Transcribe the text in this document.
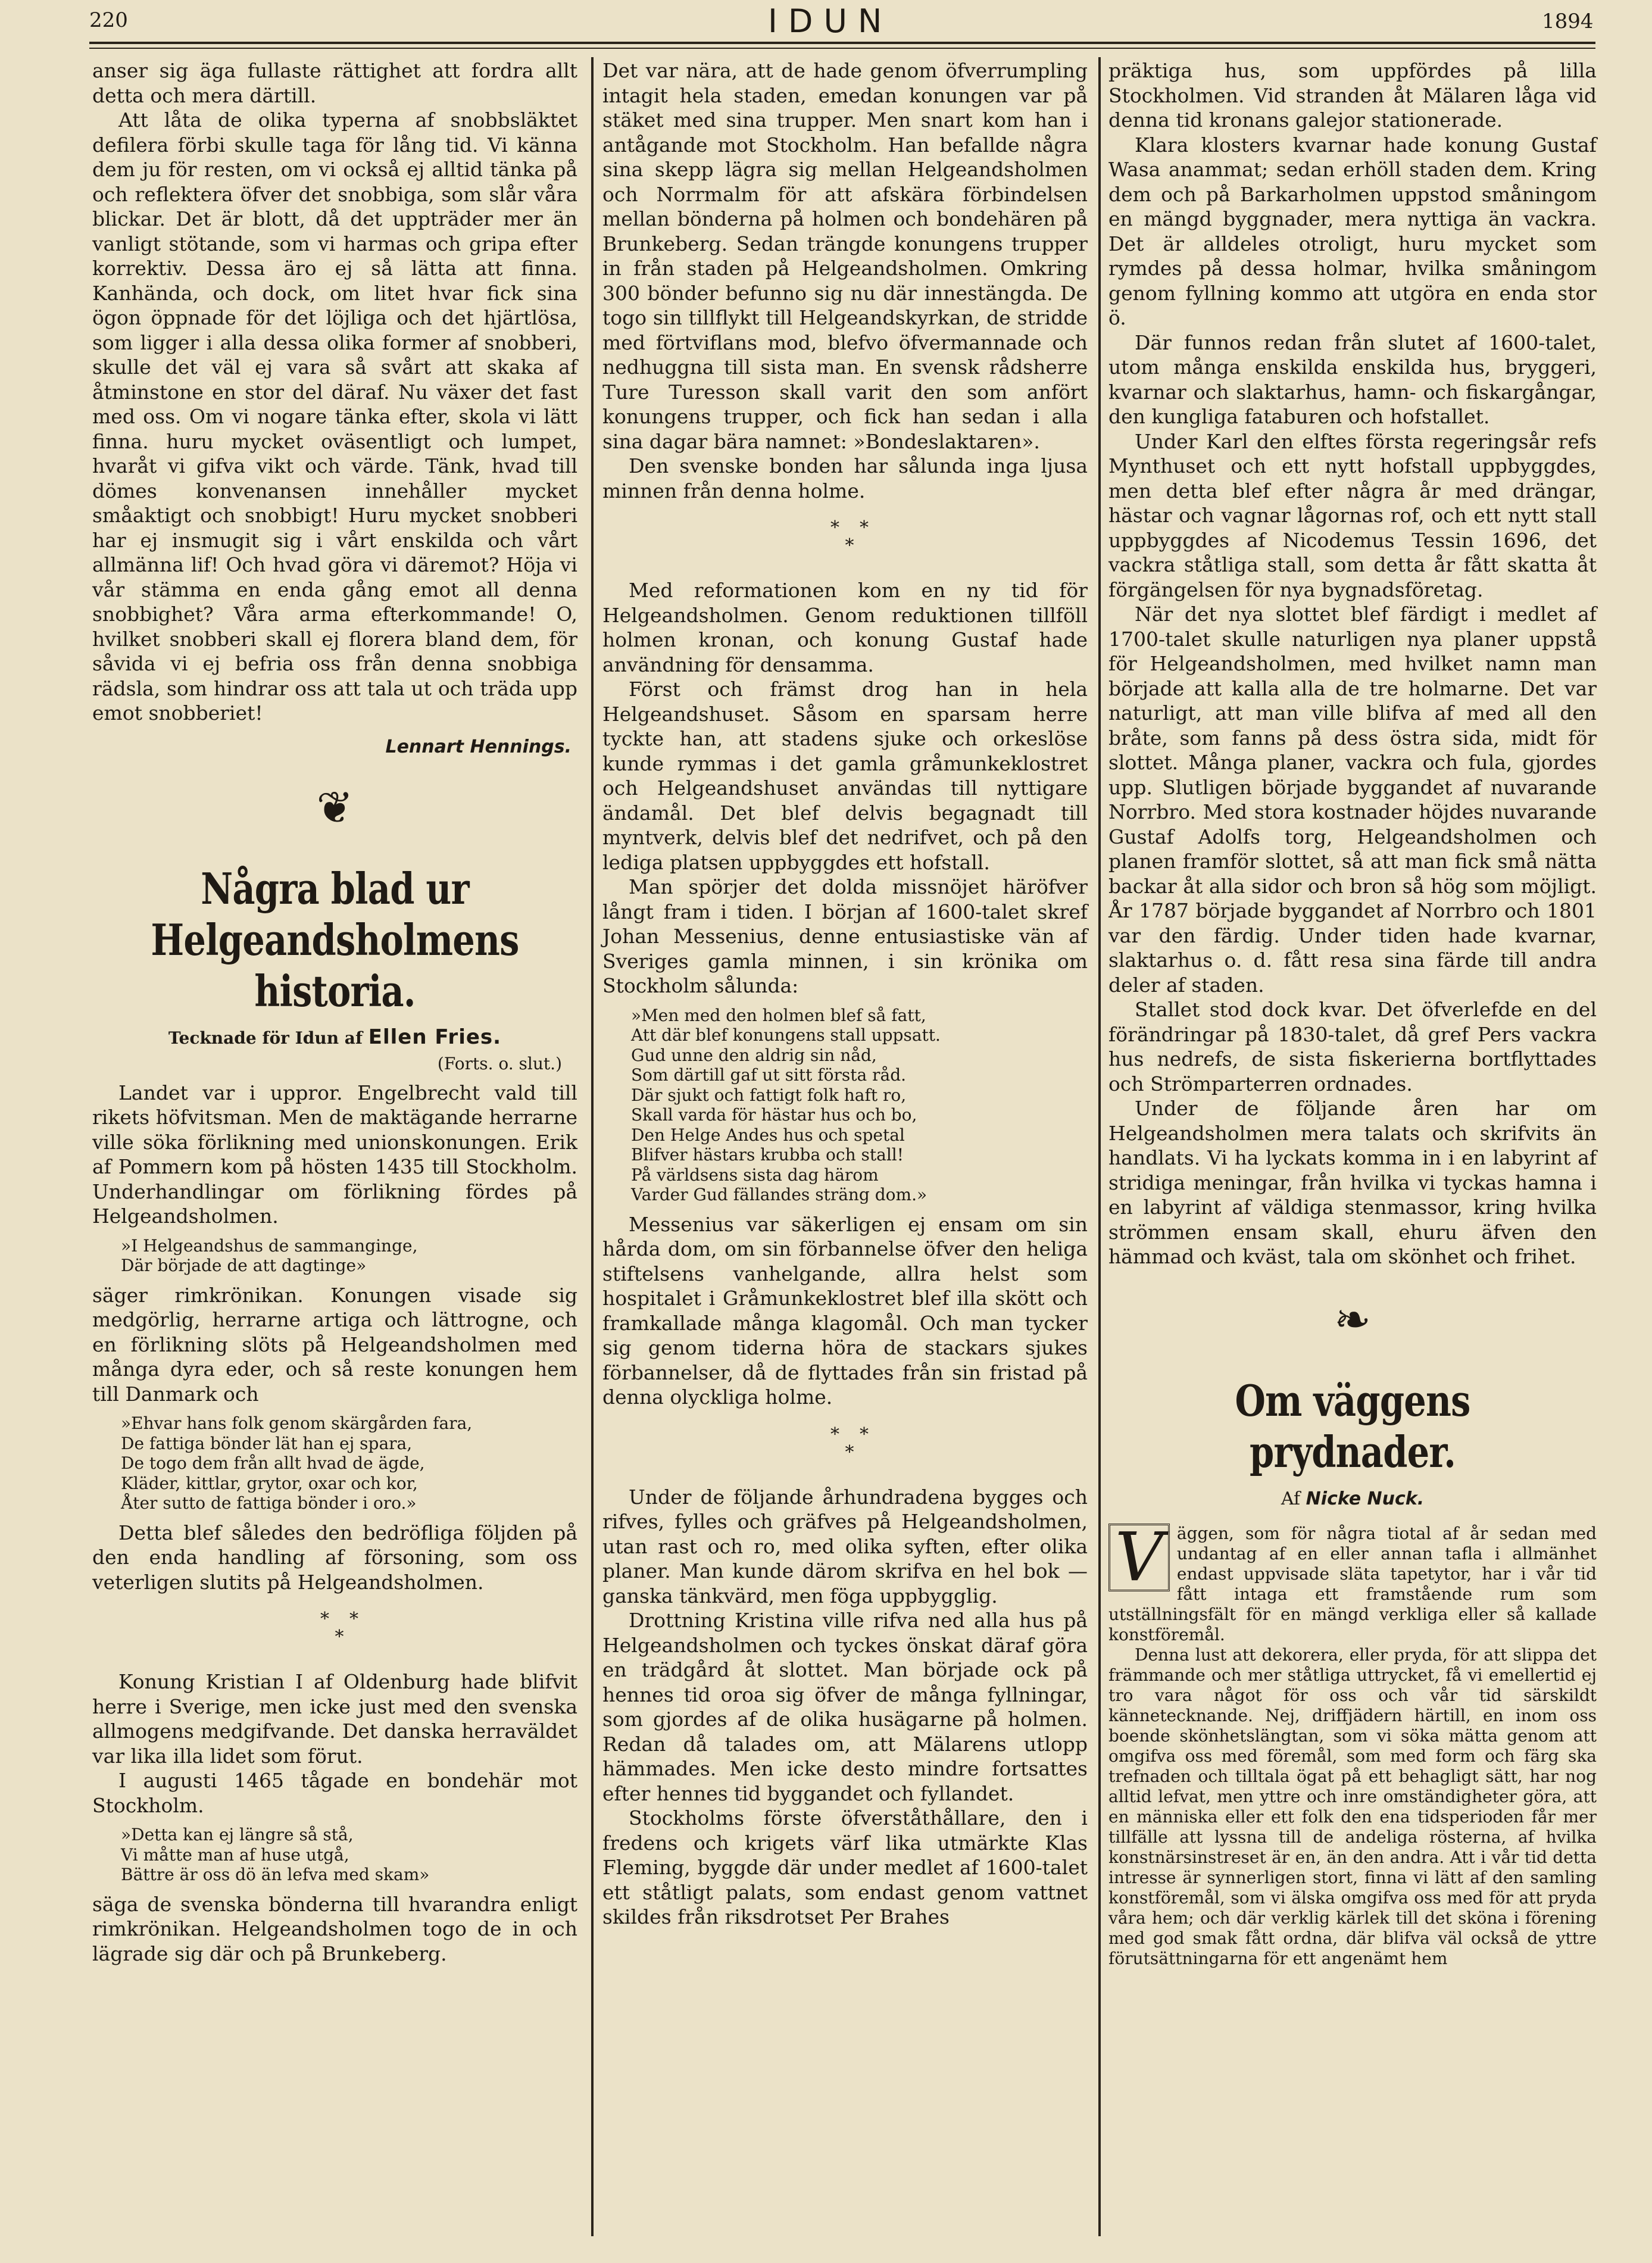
220	IDUN	1894

anser sig äga fullaste rättighet att fordra allt detta och mera därtill.

Att låta de olika typerna af snobbsläktet defilera förbi skulle taga för lång tid. Vi känna dem ju för resten, om vi också ej alltid tänka på och reflektera öfver det snobbiga, som slår våra blickar. Det är blott, då det uppträder mer än vanligt stötande, som vi harmas och gripa efter korrektiv. Dessa äro ej så lätta att finna. Kanhända, och dock, om litet hvar fick sina ögon öppnade för det löjliga och det hjärtlösa, som ligger i alla dessa olika former af snobberi, skulle det väl ej vara så svårt att skaka af åtminstone en stor del däraf. Nu växer det fast med oss. Om vi nogare tänka efter, skola vi lätt finna. huru mycket oväsentligt och lumpet, hvaråt vi gifva vikt och värde. Tänk, hvad till dömes konvenansen innehåller mycket småaktigt och snobbigt! Huru mycket snobberi har ej insmugit sig i vårt enskilda och vårt allmänna lif! Och hvad göra vi däremot? Höja vi vår stämma en enda gång emot all denna snobbighet? Våra arma efterkommande! O, hvilket snobberi skall ej florera bland dem, för såvida vi ej befria oss från denna snobbiga rädsla, som hindrar oss att tala ut och träda upp emot snobberiet!

Lennart Hennings.
❦
Några blad ur Helgeandsholmens historia.
Tecknade för Idun af Ellen Fries.
(Forts. o. slut.)

Landet var i uppror. Engelbrecht vald till rikets höfvitsman. Men de maktägande herrarne ville söka förlikning med unionskonungen. Erik af Pommern kom på hösten 1435 till Stockholm. Underhandlingar om förlikning fördes på Helgeandsholmen.

»I Helgeandshus de sammanginge,
Där började de att dagtinge»

säger rimkrönikan. Konungen visade sig medgörlig, herrarne artiga och lättrogne, och en förlikning slöts på Helgeandsholmen med många dyra eder, och så reste konungen hem till Danmark och

»Ehvar hans folk genom skärgården fara,
De fattiga bönder lät han ej spara,
De togo dem från allt hvad de ägde,
Kläder, kittlar, grytor, oxar och kor,
Åter sutto de fattiga bönder i oro.»

Detta blef således den bedröfliga följden på den enda handling af försoning, som oss veterligen slutits på Helgeandsholmen.

* *
*

Konung Kristian I af Oldenburg hade blifvit herre i Sverige, men icke just med den svenska allmogens medgifvande. Det danska herraväldet var lika illa lidet som förut.

I augusti 1465 tågade en bondehär mot Stockholm.

»Detta kan ej längre så stå,
Vi måtte man af huse utgå,
Bättre är oss dö än lefva med skam»

säga de svenska bönderna till hvarandra enligt rimkrönikan. Helgeandsholmen togo de in och lägrade sig där och på Brunkeberg.

Det var nära, att de hade genom öfverrumpling intagit hela staden, emedan konungen var på stäket med sina trupper. Men snart kom han i antågande mot Stockholm. Han befallde några sina skepp lägra sig mellan Helgeandsholmen och Norrmalm för att afskära förbindelsen mellan bönderna på holmen och bondehären på Brunkeberg. Sedan trängde konungens trupper in från staden på Helgeandsholmen. Omkring 300 bönder befunno sig nu där innestängda. De togo sin tillflykt till Helgeandskyrkan, de stridde med förtviflans mod, blefvo öfvermannade och nedhuggna till sista man. En svensk rådsherre Ture Turesson skall varit den som anfört konungens trupper, och fick han sedan i alla sina dagar bära namnet: »Bondeslaktaren».

Den svenske bonden har sålunda inga ljusa minnen från denna holme.

* *
*

Med reformationen kom en ny tid för Helgeandsholmen. Genom reduktionen tillföll holmen kronan, och konung Gustaf hade användning för densamma.

Först och främst drog han in hela Helgeandshuset. Såsom en sparsam herre tyckte han, att stadens sjuke och orkeslöse kunde rymmas i det gamla gråmunkeklostret och Helgeandshuset användas till nyttigare ändamål. Det blef delvis begagnadt till myntverk, delvis blef det nedrifvet, och på den lediga platsen uppbyggdes ett hofstall.

Man spörjer det dolda missnöjet häröfver långt fram i tiden. I början af 1600-talet skref Johan Messenius, denne entusiastiske vän af Sveriges gamla minnen, i sin krönika om Stockholm sålunda:

»Men med den holmen blef så fatt,
Att där blef konungens stall uppsatt.
Gud unne den aldrig sin nåd,
Som därtill gaf ut sitt första råd.
Där sjukt och fattigt folk haft ro,
Skall varda för hästar hus och bo,
Den Helge Andes hus och spetal
Blifver hästars krubba och stall!
På världsens sista dag härom
Varder Gud fällandes sträng dom.»

Messenius var säkerligen ej ensam om sin hårda dom, om sin förbannelse öfver den heliga stiftelsens vanhelgande, allra helst som hospitalet i Gråmunkeklostret blef illa skött och framkallade många klagomål. Och man tycker sig genom tiderna höra de stackars sjukes förbannelser, då de flyttades från sin fristad på denna olyckliga holme.

* *
*

Under de följande århundradena bygges och rifves, fylles och gräfves på Helgeandsholmen, utan rast och ro, med olika syften, efter olika planer. Man kunde därom skrifva en hel bok — ganska tänkvärd, men föga uppbygglig.

Drottning Kristina ville rifva ned alla hus på Helgeandsholmen och tyckes önskat däraf göra en trädgård åt slottet. Man började ock på hennes tid oroa sig öfver de många fyllningar, som gjordes af de olika husägarne på holmen. Redan då talades om, att Mälarens utlopp hämmades. Men icke desto mindre fortsattes efter hennes tid byggandet och fyllandet.

Stockholms förste öfverståthållare, den i fredens och krigets värf lika utmärkte Klas Fleming, byggde där under medlet af 1600-talet ett ståtligt palats, som endast genom vattnet skildes från riksdrotset Per Brahes

präktiga hus, som uppfördes på lilla Stockholmen. Vid stranden åt Mälaren låga vid denna tid kronans galejor stationerade.

Klara klosters kvarnar hade konung Gustaf Wasa anammat; sedan erhöll staden dem. Kring dem och på Barkarholmen uppstod småningom en mängd byggnader, mera nyttiga än vackra. Det är alldeles otroligt, huru mycket som rymdes på dessa holmar, hvilka småningom genom fyllning kommo att utgöra en enda stor ö.

Där funnos redan från slutet af 1600-talet, utom många enskilda enskilda hus, bryggeri, kvarnar och slaktarhus, hamn- och fiskargångar, den kungliga fataburen och hofstallet.

Under Karl den elftes första regeringsår refs Mynthuset och ett nytt hofstall uppbyggdes, men detta blef efter några år med drängar, hästar och vagnar lågornas rof, och ett nytt stall uppbyggdes af Nicodemus Tessin 1696, det vackra ståtliga stall, som detta år fått skatta åt förgängelsen för nya bygnadsföretag.

När det nya slottet blef färdigt i medlet af 1700-talet skulle naturligen nya planer uppstå för Helgeandsholmen, med hvilket namn man började att kalla alla de tre holmarne. Det var naturligt, att man ville blifva af med all den bråte, som fanns på dess östra sida, midt för slottet. Många planer, vackra och fula, gjordes upp. Slutligen började byggandet af nuvarande Norrbro. Med stora kostnader höjdes nuvarande Gustaf Adolfs torg, Helgeandsholmen och planen framför slottet, så att man fick små nätta backar åt alla sidor och bron så hög som möjligt. År 1787 började byggandet af Norrbro och 1801 var den färdig. Under tiden hade kvarnar, slaktarhus o. d. fått resa sina färde till andra deler af staden.

Stallet stod dock kvar. Det öfverlefde en del förändringar på 1830-talet, då gref Pers vackra hus nedrefs, de sista fiskerierna bortflyttades och Strömparterren ordnades.

Under de följande åren har om Helgeandsholmen mera talats och skrifvits än handlats. Vi ha lyckats komma in i en labyrint af stridiga meningar, från hvilka vi tyckas hamna i en labyrint af väldiga stenmassor, kring hvilka strömmen ensam skall, ehuru äfven den hämmad och kväst, tala om skönhet och frihet.

❧
Om väggens prydnader.
Af Nicke Nuck.

V äggen, som för några tiotal af år sedan med undantag af en eller annan tafla i allmänhet endast uppvisade släta tapetytor, har i vår tid fått intaga ett framstående rum som utställningsfält för en mängd verkliga eller så kallade konstföremål.

Denna lust att dekorera, eller pryda, för att slippa det främmande och mer ståtliga uttrycket, få vi emellertid ej tro vara något för oss och vår tid särskildt kännetecknande. Nej, driffjädern härtill, en inom oss boende skönhetslängtan, som vi söka mätta genom att omgifva oss med föremål, som med form och färg ska trefnaden och tilltala ögat på ett behagligt sätt, har nog alltid lefvat, men yttre och inre omständigheter göra, att en människa eller ett folk den ena tidsperioden får mer tillfälle att lyssna till de andeliga rösterna, af hvilka konstnärsinstreset är en, än den andra. Att i vår tid detta intresse är synnerligen stort, finna vi lätt af den samling konstföremål, som vi älska omgifva oss med för att pryda våra hem; och där verklig kärlek till det sköna i förening med god smak fått ordna, där blifva väl också de yttre förutsättningarna för ett angenämt hem
